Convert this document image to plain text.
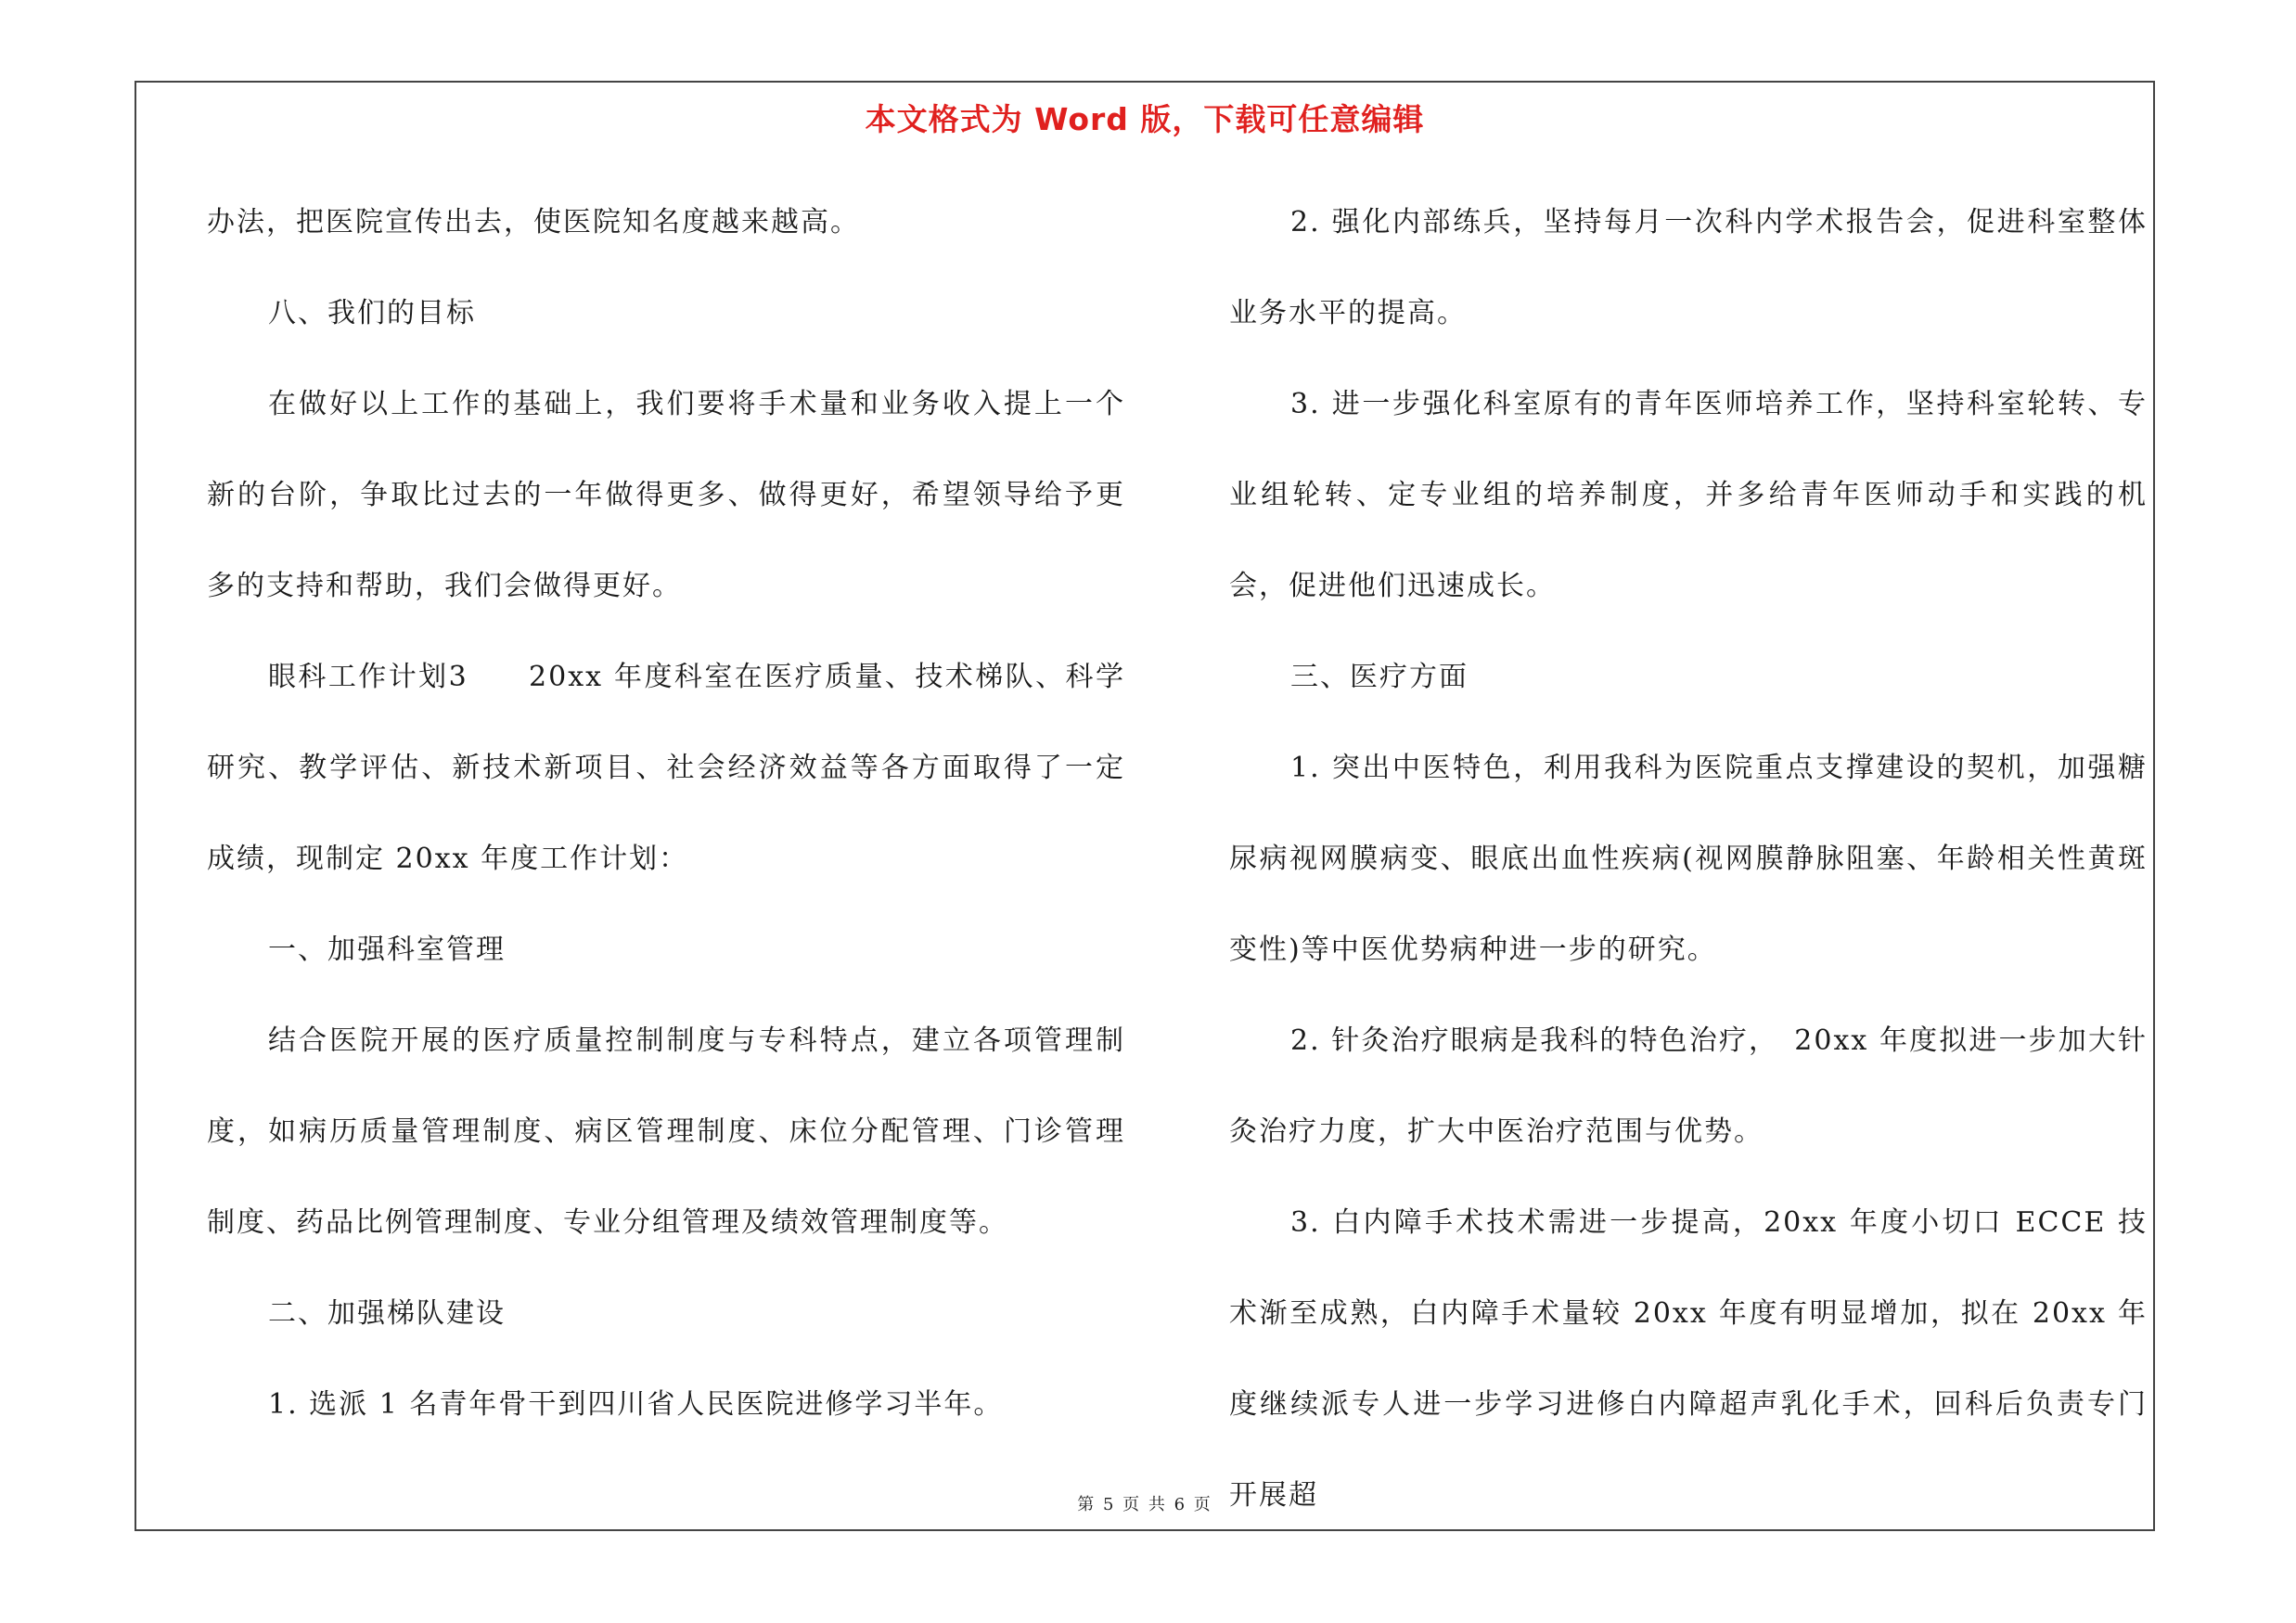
本文格式为 Word 版，下载可任意编辑

办法，把医院宣传出去，使医院知名度越来越高。

八、我们的目标

在做好以上工作的基础上，我们要将手术量和业务收入提上一个新的台阶，争取比过去的一年做得更多、做得更好，希望领导给予更多的支持和帮助，我们会做得更好。

眼科工作计划3　　20xx 年度科室在医疗质量、技术梯队、科学研究、教学评估、新技术新项目、社会经济效益等各方面取得了一定成绩，现制定 20xx 年度工作计划：

一、加强科室管理

结合医院开展的医疗质量控制制度与专科特点，建立各项管理制度，如病历质量管理制度、病区管理制度、床位分配管理、门诊管理制度、药品比例管理制度、专业分组管理及绩效管理制度等。

二、加强梯队建设

1. 选派 1 名青年骨干到四川省人民医院进修学习半年。

2. 强化内部练兵，坚持每月一次科内学术报告会，促进科室整体业务水平的提高。

3. 进一步强化科室原有的青年医师培养工作，坚持科室轮转、专业组轮转、定专业组的培养制度，并多给青年医师动手和实践的机会，促进他们迅速成长。

三、医疗方面

1. 突出中医特色，利用我科为医院重点支撑建设的契机，加强糖尿病视网膜病变、眼底出血性疾病(视网膜静脉阻塞、年龄相关性黄斑变性)等中医优势病种进一步的研究。

2. 针灸治疗眼病是我科的特色治疗，　20xx 年度拟进一步加大针灸治疗力度，扩大中医治疗范围与优势。

3. 白内障手术技术需进一步提高，20xx 年度小切口 ECCE 技术渐至成熟，白内障手术量较 20xx 年度有明显增加，拟在 20xx 年度继续派专人进一步学习进修白内障超声乳化手术，回科后负责专门开展超

第 5 页 共 6 页
